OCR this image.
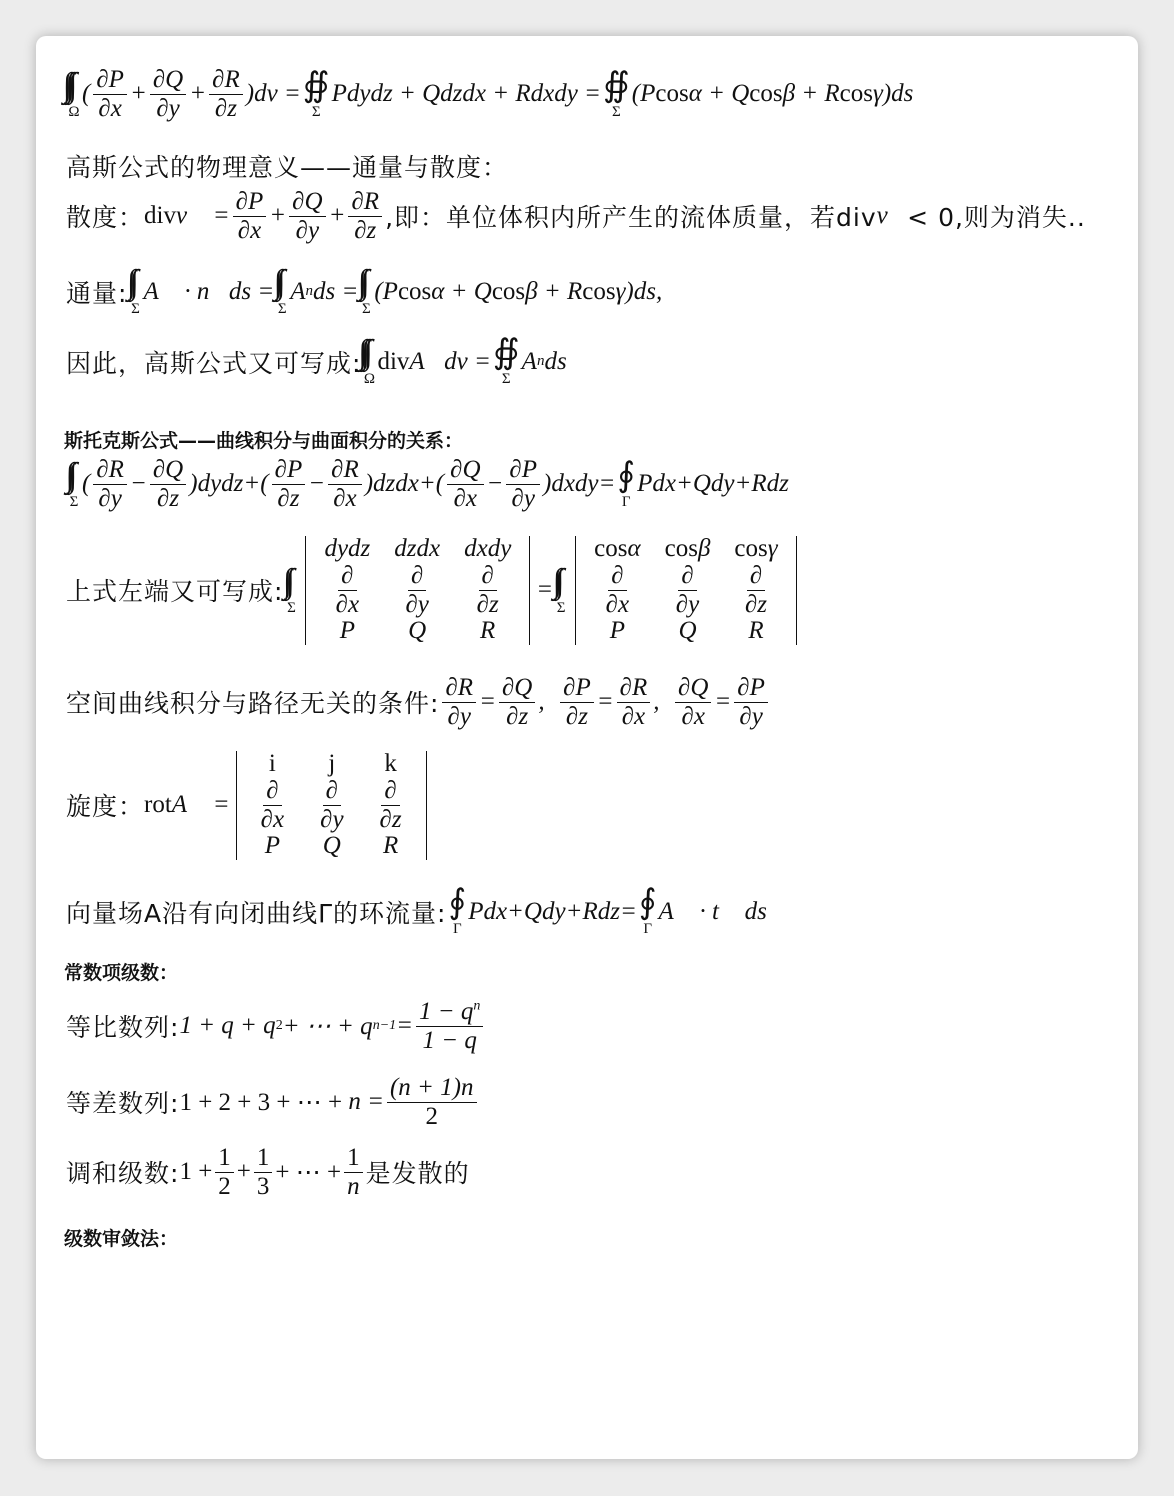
Ω
( $\frac{\partial P}{\partial x} + \frac{\partial Q}{\partial y} + \frac{\partial R}{\partial z} )dv$ = ∯
Σ
Pdydz + Qdzdx + Rdxdy = ∯
Σ
(P cos α + Q cos β + R cos γ)ds
高斯公式的物理意义——通量与散度：
散度： div v⃗ = $\frac{\partial P}{\partial x} + \frac{\partial Q}{\partial y} + \frac{\partial R}{\partial z}$ ,即：单位体积内所产生的流体质量，若div v⃗ < 0,则为消失..
通量:
Σ
A⃗ · n⃗ds =
Σ
A n ds =
Σ
(P cos α + Q cos β + R cos γ)ds,
因此，高斯公式又可写成:
Ω
div A⃗dv = ∯
Σ
A n ds
斯托克斯公式——曲线积分与曲面积分的关系：
Σ
( $\frac{\partial R}{\partial y} - \frac{\partial Q}{\partial z}$ )dydz+( $\frac{\partial P}{\partial z} - \frac{\partial R}{\partial x}$ )dzdx+( $\frac{\partial Q}{\partial x} - \frac{\partial P}{\partial y}$ )dxdy= ∮
Γ
Pdx+Qdy+Rdz
上式左端又可写成:
Σ
dydz dzdx dxdy
$\frac{\partial}{\partial x} \frac{\partial}{\partial y} \frac{\partial}{\partial z}$
P	Q	R
=
Σ
cosα cosβ cosγ
$\frac{\partial}{\partial x} \frac{\partial}{\partial y} \frac{\partial}{\partial z}$
P	Q	R
空间曲线积分与路径无关的条件: $\frac{\partial R}{\partial y} = \frac{\partial Q}{\partial z}$ , $\frac{\partial P}{\partial z} = \frac{\partial R}{\partial x}$ , $\frac{\partial Q}{\partial x} = \frac{\partial P}{\partial y}$
旋度： rot A⃗ =
i	j	k
$\frac{\partial}{\partial x} \frac{\partial}{\partial y} \frac{\partial}{\partial z}$
P	Q	R
向量场A沿有向闭曲线Γ的环流量: ∮
Γ
Pdx+Qdy+Rdz= ∮
Γ
A⃗ · t⃗ ds
常数项级数：
等比数列: 1 + q + q 2 + ⋯ + q $n-1 = \frac{1 - q^n}{1 - q}$
等差数列: 1 + 2 + 3 + ⋯ + $n = \frac{(n + 1)n}{2}$
调和级数: $1 + \frac{1}{2} + \frac{1}{3}$ + ⋯ + $\frac{1}{n}$ 是发散的
级数审敛法：
